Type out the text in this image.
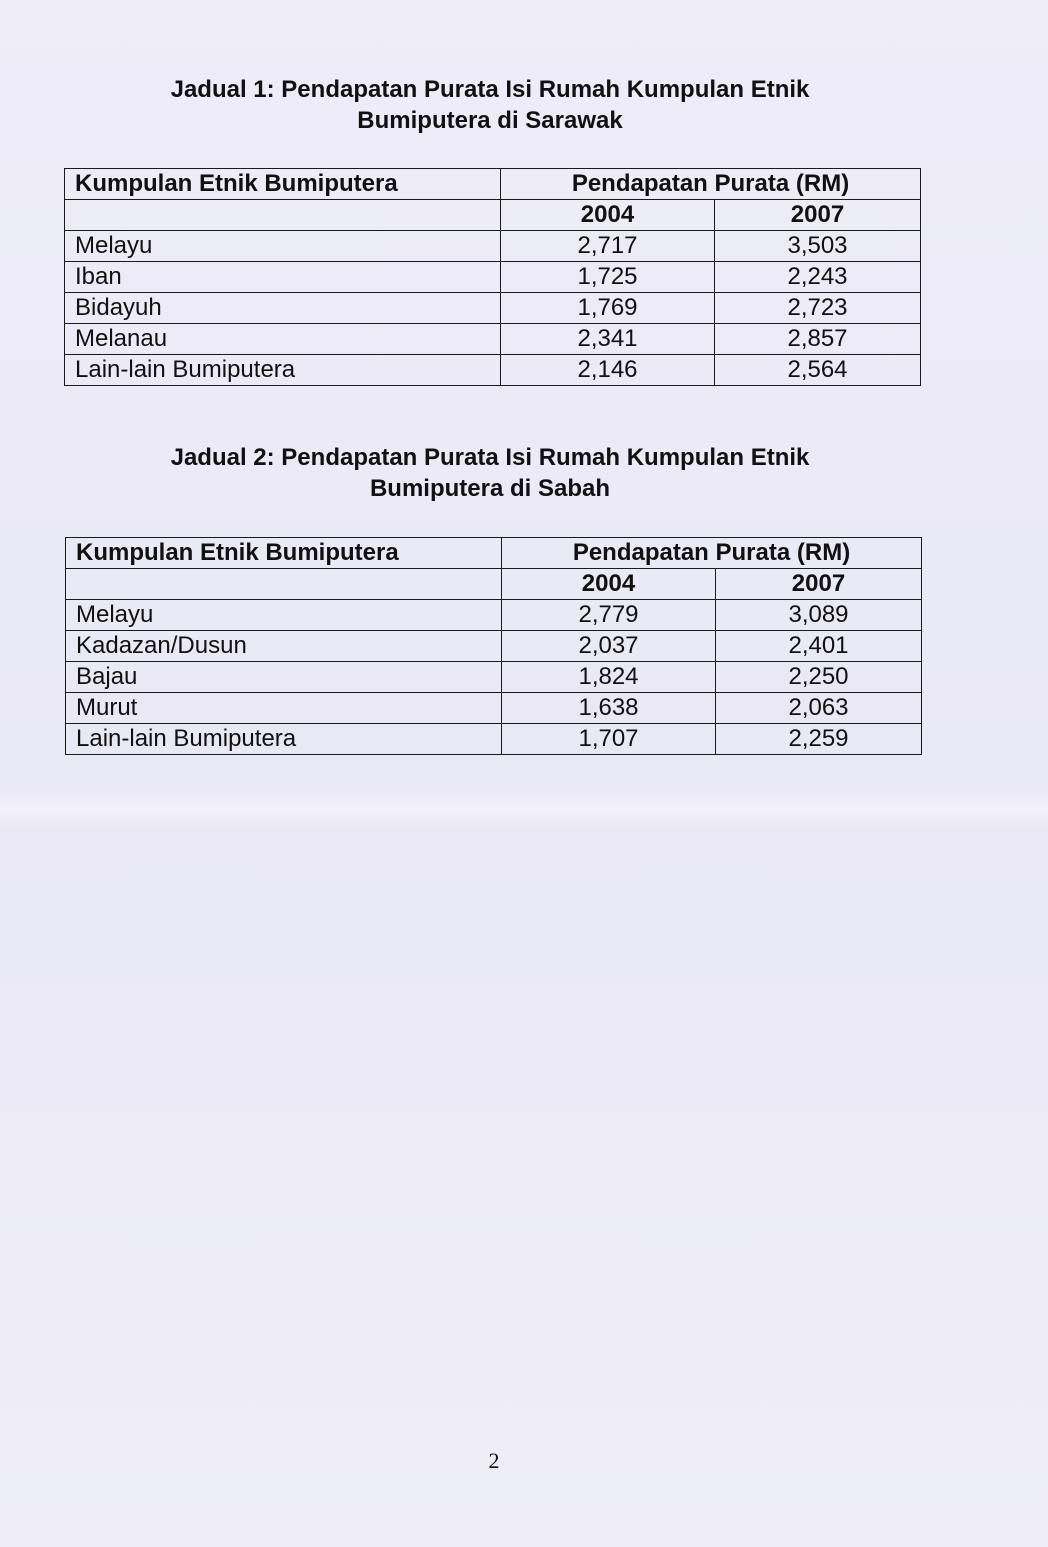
Jadual 1: Pendapatan Purata Isi Rumah Kumpulan Etnik
Bumiputera di Sarawak
Kumpulan Etnik Bumiputera	Pendapatan Purata (RM)	
	2004	2007
Melayu	2,717	3,503
Iban	1,725	2,243
Bidayuh	1,769	2,723
Melanau	2,341	2,857
Lain-lain Bumiputera	2,146	2,564
Jadual 2: Pendapatan Purata Isi Rumah Kumpulan Etnik
Bumiputera di Sabah
Kumpulan Etnik Bumiputera	Pendapatan Purata (RM)	
	2004	2007
Melayu	2,779	3,089
Kadazan/Dusun	2,037	2,401
Bajau	1,824	2,250
Murut	1,638	2,063
Lain-lain Bumiputera	1,707	2,259
2
